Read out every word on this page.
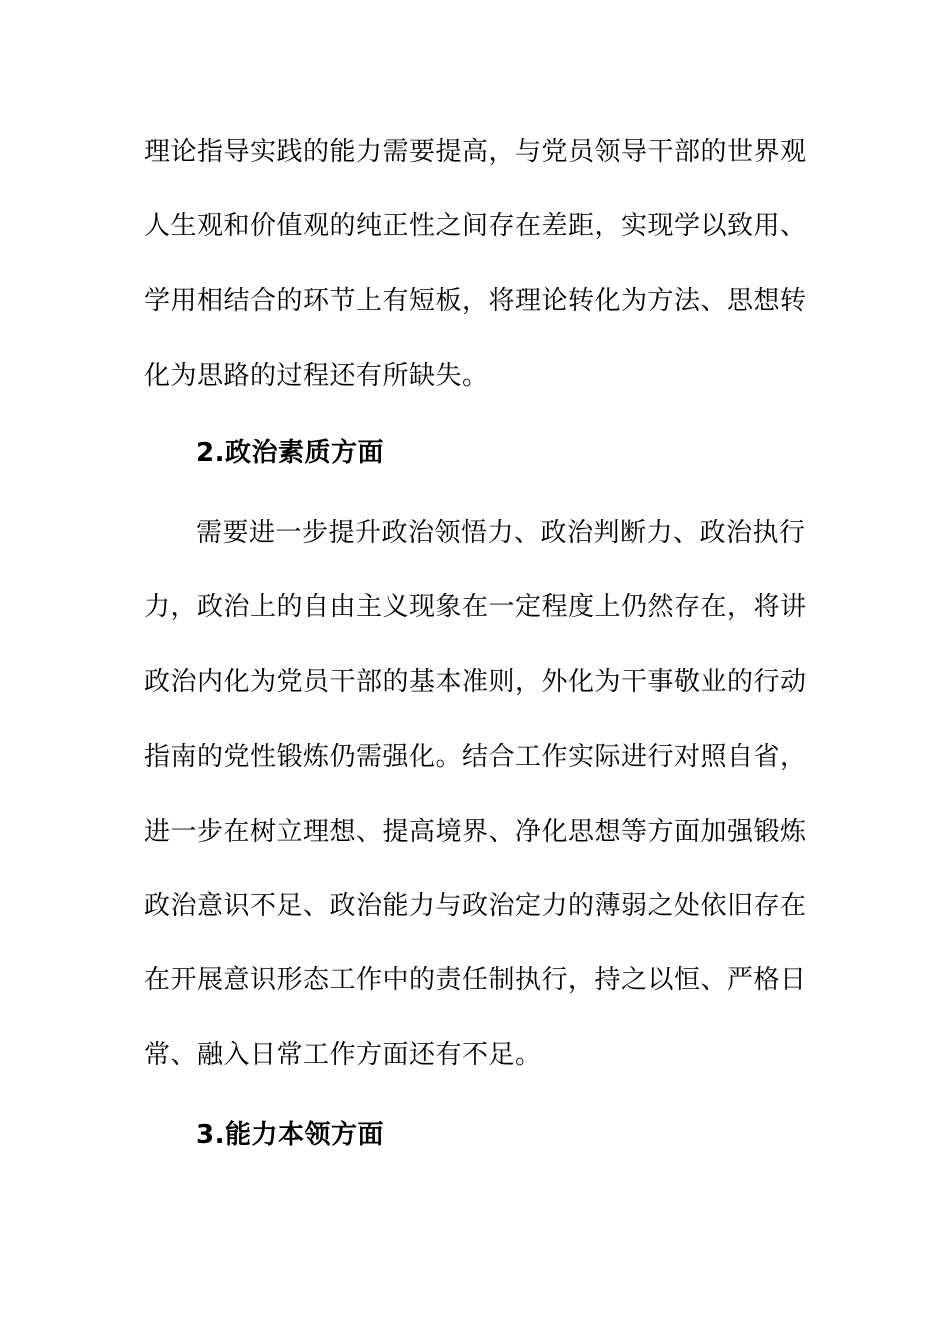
理论指导实践的能力需要提高，与党员领导干部的世界观
人生观和价值观的纯正性之间存在差距，实现学以致用、
学用相结合的环节上有短板，将理论转化为方法、思想转
化为思路的过程还有所缺失。
2.政治素质方面
需要进一步提升政治领悟力、政治判断力、政治执行
力，政治上的自由主义现象在一定程度上仍然存在，将讲
政治内化为党员干部的基本准则，外化为干事敬业的行动
指南的党性锻炼仍需强化。结合工作实际进行对照自省，
进一步在树立理想、提高境界、净化思想等方面加强锻炼
政治意识不足、政治能力与政治定力的薄弱之处依旧存在
在开展意识形态工作中的责任制执行，持之以恒、严格日
常、融入日常工作方面还有不足。
3.能力本领方面
